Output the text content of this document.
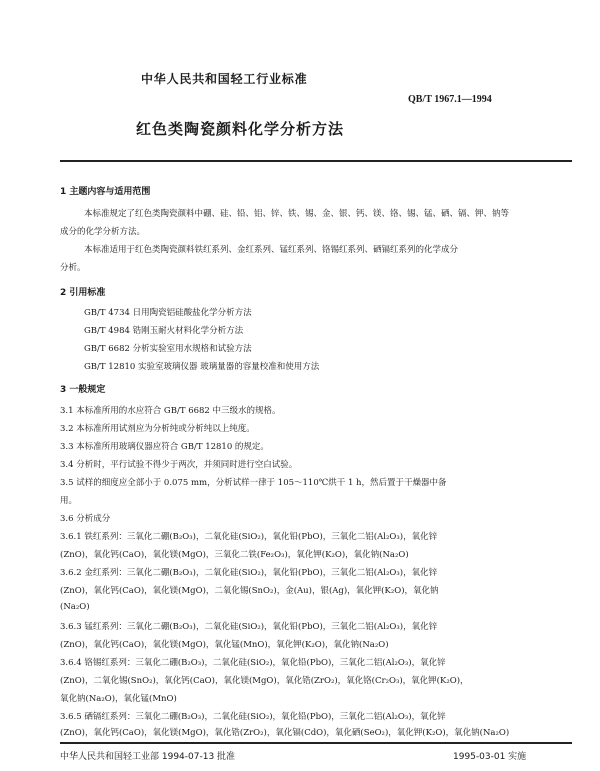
中华人民共和国轻工行业标准
QB/T 1967.1—1994
红色类陶瓷颜料化学分析方法
1 主题内容与适用范围
本标准规定了红色类陶瓷颜料中硼、硅、铅、铝、锌、铁、锡、金、银、钙、镁、铬、锡、锰、硒、镉、钾、钠等
成分的化学分析方法。
本标准适用于红色类陶瓷颜料铁红系列、金红系列、锰红系列、铬锡红系列、硒镉红系列的化学成分
分析。
2 引用标准
GB/T 4734 日用陶瓷铝硅酸盐化学分析方法
GB/T 4984 锆刚玉耐火材料化学分析方法
GB/T 6682 分析实验室用水规格和试验方法
GB/T 12810 实验室玻璃仪器 玻璃量器的容量校准和使用方法
3 一般规定
3.1 本标准所用的水应符合 GB/T 6682 中三级水的规格。
3.2 本标准所用试剂应为分析纯或分析纯以上纯度。
3.3 本标准所用玻璃仪器应符合 GB/T 12810 的规定。
3.4 分析时，平行试验不得少于两次，并须同时进行空白试验。
3.5 试样的细度应全部小于 0.075 mm，分析试样一律于 105～110℃烘干 1 h，然后置于干燥器中备
用。
3.6 分析成分
3.6.1 铁红系列：三氧化二硼(B₂O₃)，二氧化硅(SiO₂)，氧化铅(PbO)，三氧化二铝(Al₂O₃)，氧化锌
(ZnO)，氧化钙(CaO)，氧化镁(MgO)，三氧化二铁(Fe₂O₃)，氧化钾(K₂O)，氧化钠(Na₂O)
3.6.2 金红系列：三氧化二硼(B₂O₃)，二氧化硅(SiO₂)，氧化铅(PbO)，三氧化二铝(Al₂O₃)，氧化锌
(ZnO)，氧化钙(CaO)，氧化镁(MgO)，二氧化锡(SnO₂)，金(Au)，银(Ag)，氧化钾(K₂O)，氧化钠
(Na₂O)
3.6.3 锰红系列：三氧化二硼(B₂O₃)，二氧化硅(SiO₂)，氧化铅(PbO)，三氧化二铝(Al₂O₃)，氧化锌
(ZnO)，氧化钙(CaO)，氧化镁(MgO)，氧化锰(MnO)，氧化钾(K₂O)，氧化钠(Na₂O)
3.6.4 铬锡红系列：三氧化二硼(B₂O₃)，二氧化硅(SiO₂)，氧化铅(PbO)，三氧化二铝(Al₂O₃)，氧化锌
(ZnO)，二氧化锡(SnO₂)，氧化钙(CaO)，氧化镁(MgO)，氧化锆(ZrO₂)，氧化铬(Cr₂O₃)，氧化钾(K₂O)，
氧化钠(Na₂O)，氧化锰(MnO)
3.6.5 硒镉红系列：三氧化二硼(B₂O₃)，二氧化硅(SiO₂)，氧化铅(PbO)，三氧化二铝(Al₂O₃)，氧化锌
(ZnO)，氧化钙(CaO)，氧化镁(MgO)，氧化锆(ZrO₂)，氧化镉(CdO)，氧化硒(SeO₂)，氧化钾(K₂O)，氧化钠(Na₂O)
中华人民共和国轻工业部 1994-07-13 批准	1995-03-01 实施
